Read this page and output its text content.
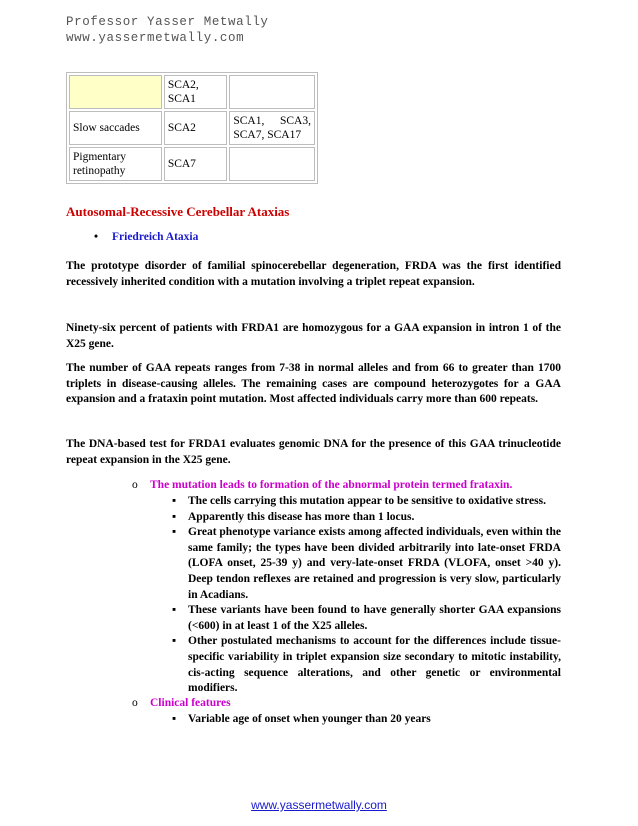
Professor Yasser Metwally
www.yassermetwally.com
	SCA2, SCA1	
Slow saccades	SCA2	SCA1, SCA3, SCA7, SCA17
Pigmentary retinopathy	SCA7	
Autosomal-Recessive Cerebellar Ataxias
• Friedreich Ataxia

The prototype disorder of familial spinocerebellar degeneration, FRDA was the first identified recessively inherited condition with a mutation involving a triplet repeat expansion.

Ninety-six percent of patients with FRDA1 are homozygous for a GAA expansion in intron 1 of the X25 gene.

The number of GAA repeats ranges from 7-38 in normal alleles and from 66 to greater than 1700 triplets in disease-causing alleles. The remaining cases are compound heterozygotes for a GAA expansion and a frataxin point mutation. Most affected individuals carry more than 600 repeats.

The DNA-based test for FRDA1 evaluates genomic DNA for the presence of this GAA trinucleotide repeat expansion in the X25 gene.

o The mutation leads to formation of the abnormal protein termed frataxin.
▪ The cells carrying this mutation appear to be sensitive to oxidative stress.
▪ Apparently this disease has more than 1 locus.
▪ Great phenotype variance exists among affected individuals, even within the same family; the types have been divided arbitrarily into late-onset FRDA (LOFA onset, 25-39 y) and very-late-onset FRDA (VLOFA, onset >40 y). Deep tendon reflexes are retained and progression is very slow, particularly in Acadians.
▪ These variants have been found to have generally shorter GAA expansions (<600) in at least 1 of the X25 alleles.
▪ Other postulated mechanisms to account for the differences include tissue-specific variability in triplet expansion size secondary to mitotic instability, cis-acting sequence alterations, and other genetic or environmental modifiers.
o Clinical features
▪ Variable age of onset when younger than 20 years
www.yassermetwally.com
